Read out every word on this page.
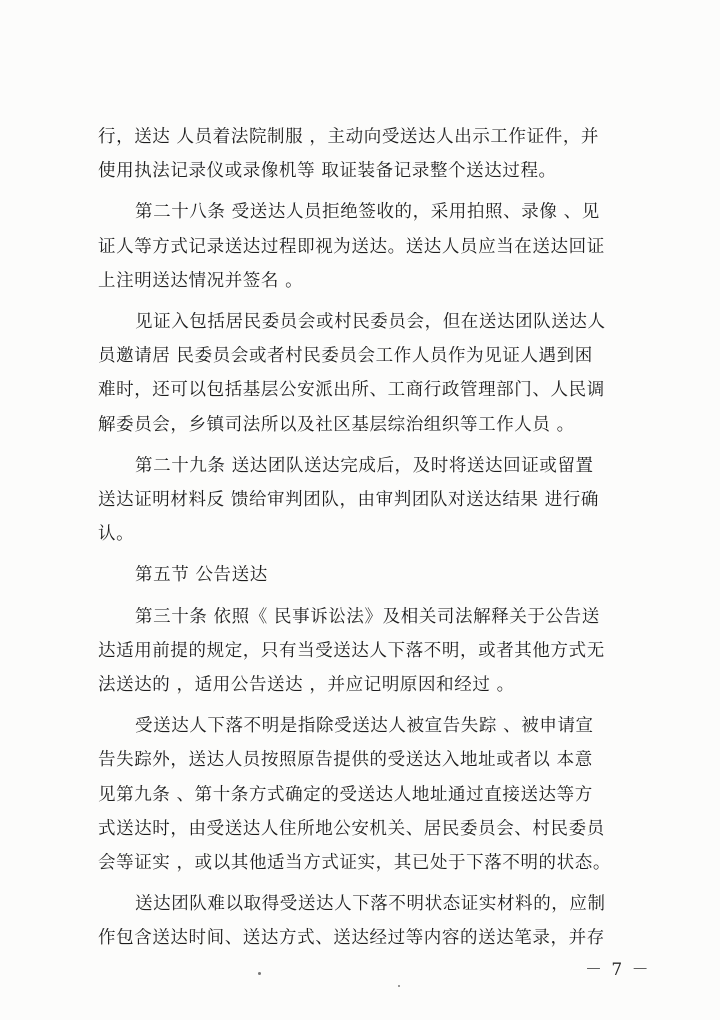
行，送达 人员着法院制服 ，主动向受送达人出示工作证件，并
使用执法记录仪或录像机等 取证装备记录整个送达过程。

第二十八条 受送达人员拒绝签收的，采用拍照、录像 、见
证人等方式记录送达过程即视为送达。送达人员应当在送达回证
上注明送达情况并签名 。

见证入包括居民委员会或村民委员会，但在送达团队送达人
员邀请居 民委员会或者村民委员会工作人员作为见证人遇到困
难时，还可以包括基层公安派出所、工商行政管理部门、人民调
解委员会，乡镇司法所以及社区基层综治组织等工作人员 。

第二十九条 送达团队送达完成后，及时将送达回证或留置
送达证明材料反 馈给审判团队，由审判团队对送达结果 进行确
认。

第五节 公告送达

第三十条 依照《 民事诉讼法》及相关司法解释关于公告送
达适用前提的规定，只有当受送达人下落不明，或者其他方式无
法送达的 ，适用公告送达 ，并应记明原因和经过 。

受送达人下落不明是指除受送达人被宣告失踪 、被申请宣
告失踪外，送达人员按照原告提供的受送达入地址或者以 本意
见第九条 、第十条方式确定的受送达人地址通过直接送达等方
式送达时，由受送达人住所地公安机关、居民委员会、村民委员
会等证实 ，或以其他适当方式证实，其已处于下落不明的状态。

送达团队难以取得受送达人下落不明状态证实材料的，应制
作包含送达时间、送达方式、送达经过等内容的送达笔录，并存

－ 7 －
